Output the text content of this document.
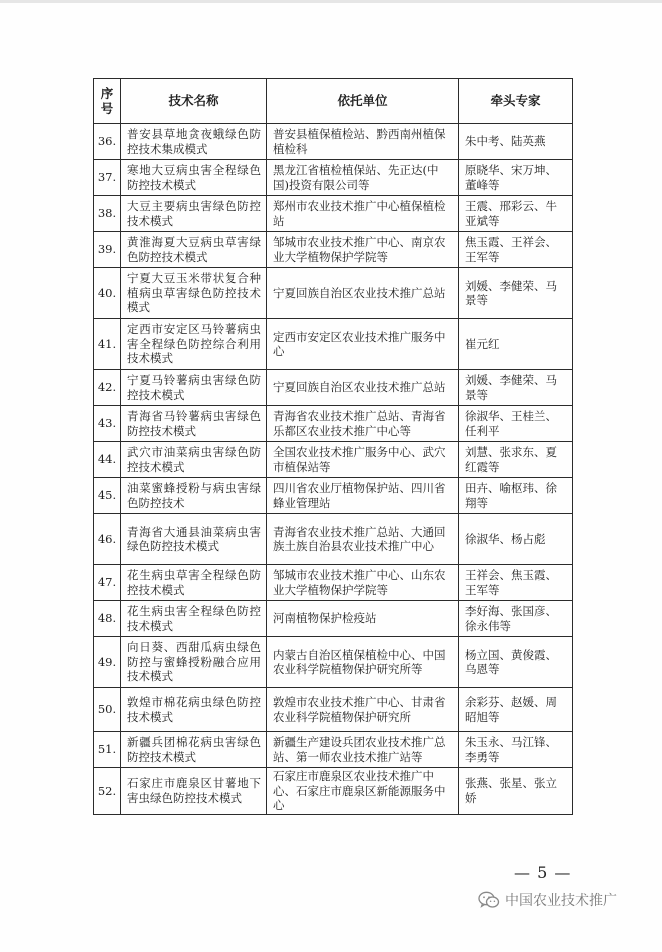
序
号	技术名称	依托单位	牵头专家
36.	普安县草地贪夜蛾绿色防控技术集成模式	普安县植保植检站、黔西南州植保植检科	朱中考、陆英燕
37.	寒地大豆病虫害全程绿色防控技术模式	黑龙江省植检植保站、先正达(中国)投资有限公司等	原晓华、宋万坤、董峰等
38.	大豆主要病虫害绿色防控技术模式	郑州市农业技术推广中心植保植检站	王震、邢彩云、牛亚斌等
39.	黄淮海夏大豆病虫草害绿色防控技术模式	邹城市农业技术推广中心、南京农业大学植物保护学院等	焦玉霞、王祥会、王军等
40.	宁夏大豆玉米带状复合种植病虫草害绿色防控技术模式	宁夏回族自治区农业技术推广总站	刘媛、李健荣、马景等
41.	定西市安定区马铃薯病虫害全程绿色防控综合利用技术模式	定西市安定区农业技术推广服务中心	崔元红
42.	宁夏马铃薯病虫害绿色防控技术模式	宁夏回族自治区农业技术推广总站	刘媛、李健荣、马景等
43.	青海省马铃薯病虫害绿色防控技术模式	青海省农业技术推广总站、青海省乐都区农业技术推广中心等	徐淑华、王桂兰、任利平
44.	武穴市油菜病虫害绿色防控技术模式	全国农业技术推广服务中心、武穴市植保站等	刘慧、张求东、夏红霞等
45.	油菜蜜蜂授粉与病虫害绿色防控技术	四川省农业厅植物保护站、四川省蜂业管理站	田卉、喻枢玮、徐翔等
46.	青海省大通县油菜病虫害绿色防控技术模式	青海省农业技术推广总站、大通回族土族自治县农业技术推广中心	徐淑华、杨占彪
47.	花生病虫草害全程绿色防控技术模式	邹城市农业技术推广中心、山东农业大学植物保护学院等	王祥会、焦玉霞、王军等
48.	花生病虫害全程绿色防控技术模式	河南植物保护检疫站	李好海、张国彦、徐永伟等
49.	向日葵、西甜瓜病虫绿色防控与蜜蜂授粉融合应用技术模式	内蒙古自治区植保植检中心、中国农业科学院植物保护研究所等	杨立国、黄俊霞、乌恩等
50.	敦煌市棉花病虫绿色防控技术模式	敦煌市农业技术推广中心、甘肃省农业科学院植物保护研究所	余彩芬、赵媛、周昭旭等
51.	新疆兵团棉花病虫害绿色防控技术模式	新疆生产建设兵团农业技术推广总站、第一师农业技术推广站等	朱玉永、马江锋、李勇等
52.	石家庄市鹿泉区甘薯地下害虫绿色防控技术模式	石家庄市鹿泉区农业技术推广中心、石家庄市鹿泉区新能源服务中心	张燕、张星、张立娇
— 5 —
中国农业技术推广
